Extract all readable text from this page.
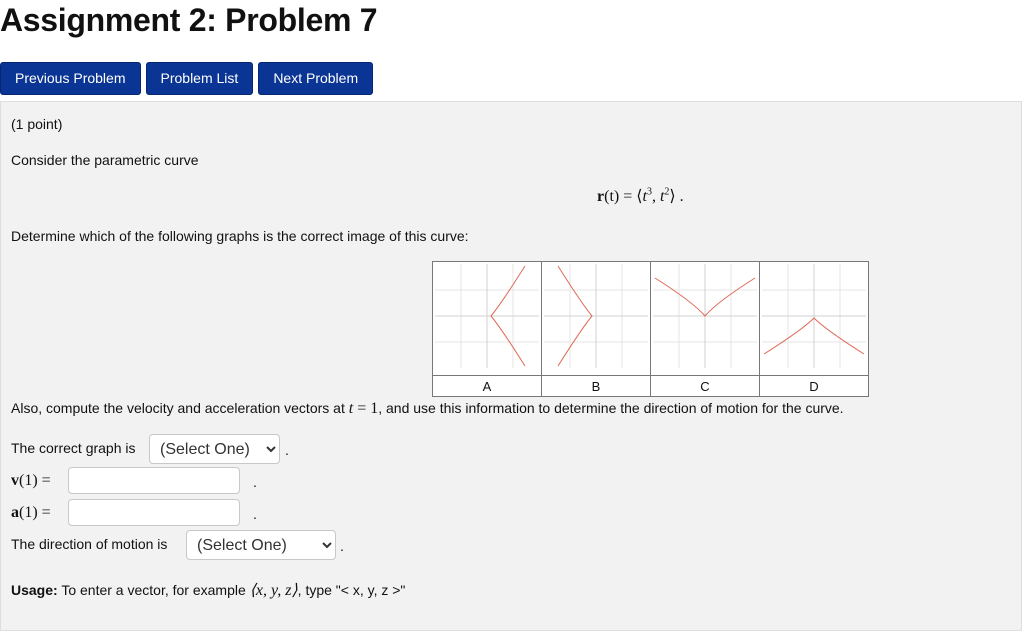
Assignment 2: Problem 7
Previous Problem	Problem List	Next Problem
(1 point)
Consider the parametric curve
$r(t) = ⟨t^3$, $t^2⟩$ .
Determine which of the following graphs is the correct image of this curve:

A	B	C	D
Also, compute the velocity and acceleration vectors at t = 1, and use this information to determine the direction of motion for the curve.
The correct graph is
(Select One)	.
v(1) =	.
a(1) =	.
The direction of motion is
(Select One)	.
Usage: To enter a vector, for example ⟨x, y, z⟩, type "< x, y, z >"
